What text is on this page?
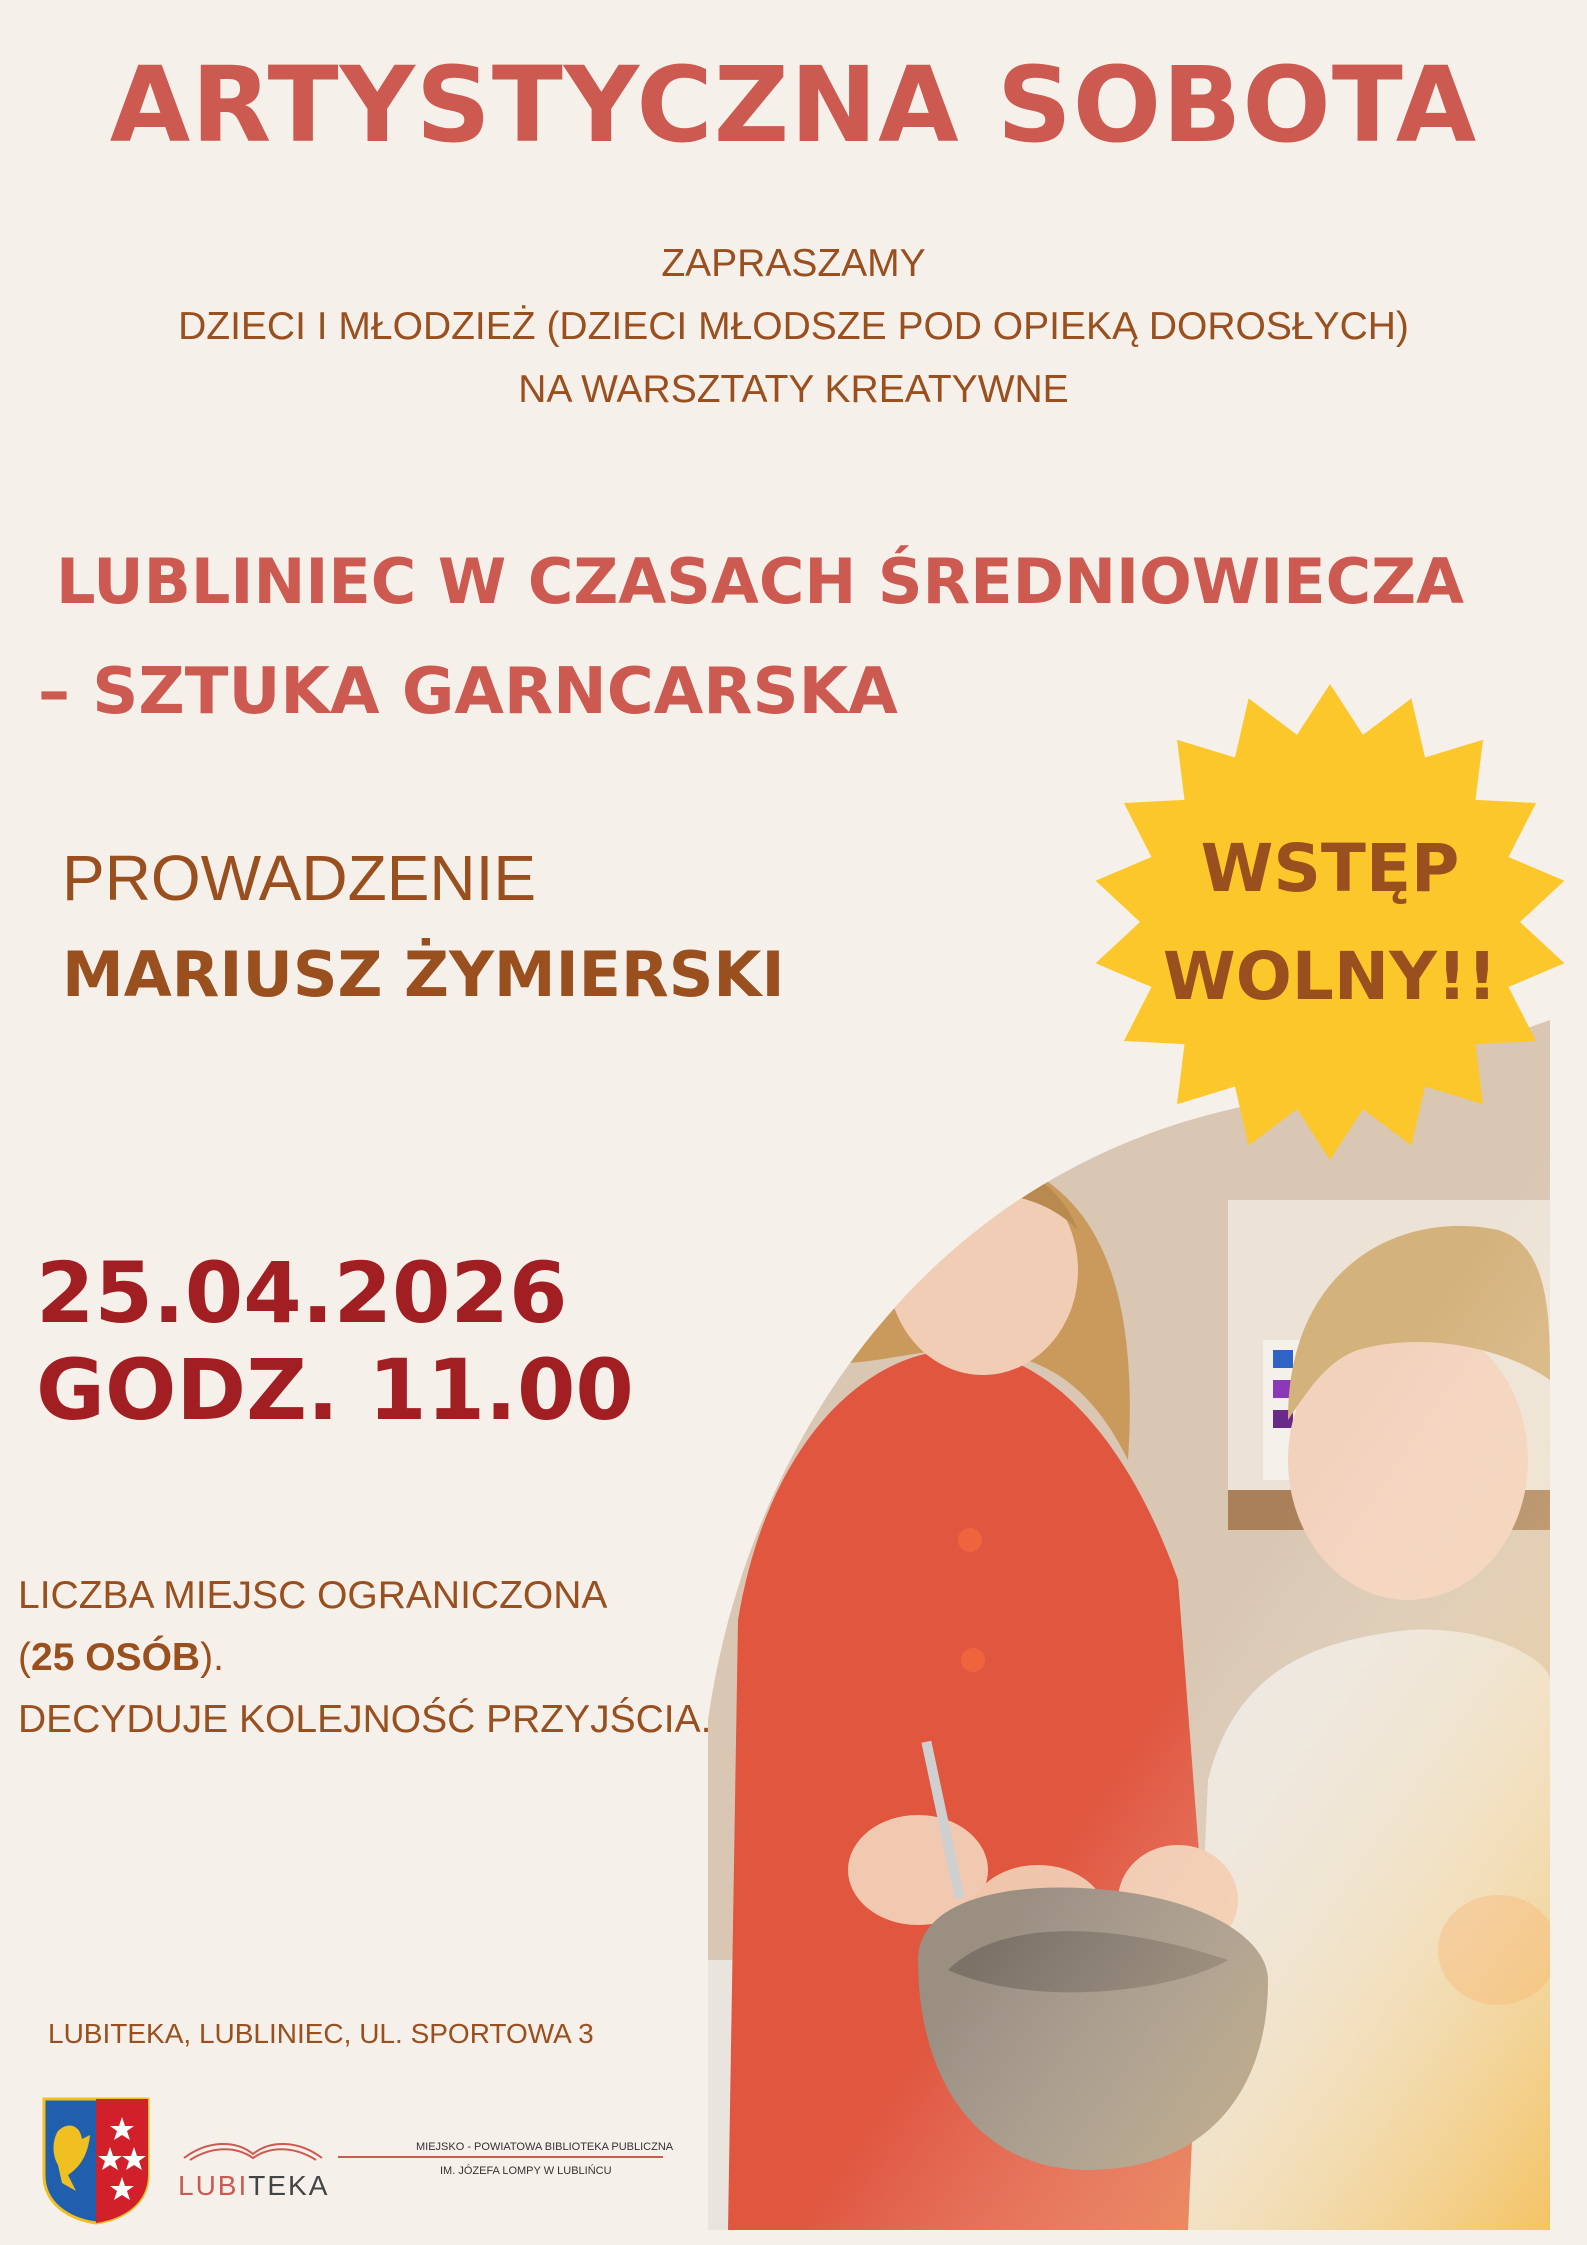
ARTYSTYCZNA SOBOTA
ZAPRASZAMY
DZIECI I MŁODZIEŻ (DZIECI MŁODSZE POD OPIEKĄ DOROSŁYCH)
NA WARSZTATY KREATYWNE
LUBLINIEC W CZASACH ŚREDNIOWIECZA
– SZTUKA GARNCARSKA
PROWADZENIE
MARIUSZ ŻYMIERSKI
WSTĘP
WOLNY!!
25.04.2026
GODZ. 11.00
LICZBA MIEJSC OGRANICZONA
(25 OSÓB).
DECYDUJE KOLEJNOŚĆ PRZYJŚCIA.
LUBITEKA, LUBLINIEC, UL. SPORTOWA 3
LUBITEKA
MIEJSKO - POWIATOWA BIBLIOTEKA PUBLICZNA
IM. JÓZEFA LOMPY W LUBLIŃCU
